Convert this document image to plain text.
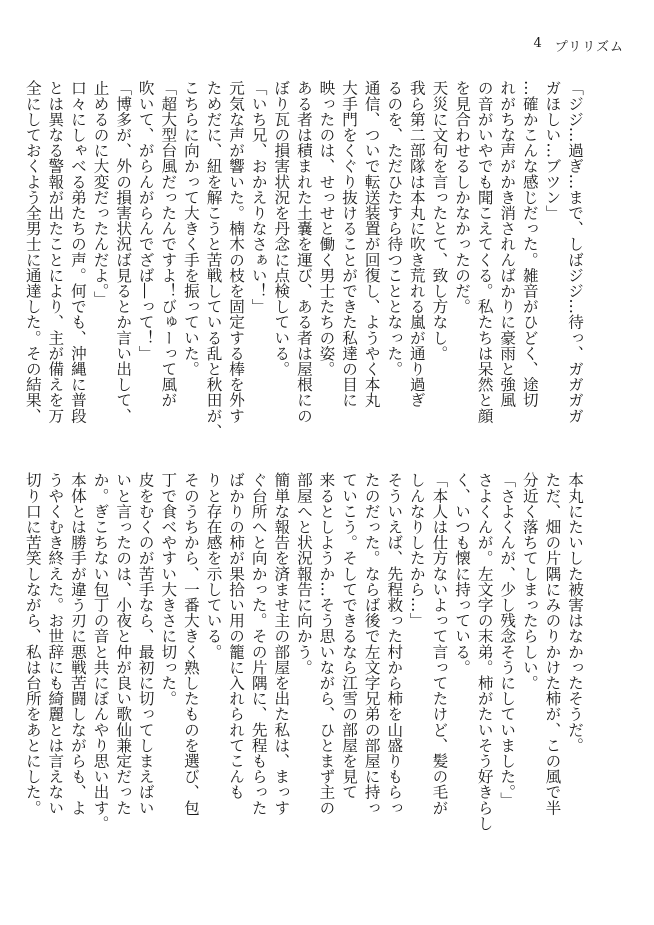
4 プリリズム
「ジジ…過ぎ…まで、しばジジ…待っ、ガガガガ
ガほしい…ブツン」
…確かこんな感じだった。雑音がひどく、途切
れがちな声がかき消されんばかりに豪雨と強風
の音がいやでも聞こえてくる。私たちは呆然と顔
を見合わせるしかなかったのだ。
天災に文句を言ったとて、致し方なし。
我ら第二部隊は本丸に吹き荒れる嵐が通り過ぎ
るのを、ただひたすら待つこととなった。
通信、ついで転送装置が回復し、ようやく本丸
大手門をくぐり抜けることができた私達の目に
映ったのは、せっせと働く男士たちの姿。
ある者は積まれた土嚢を運び、ある者は屋根にの
ぼり瓦の損害状況を丹念に点検している。
「いち兄、おかえりなさぁい！」
元気な声が響いた。楠木の枝を固定する棒を外す
ためだに、紐を解こうと苦戦している乱と秋田が、
こちらに向かって大きく手を振っていた。
「超大型台風だったんですよ！びゅーって風が
吹いて、がらんがらんでざば―って！」
「博多が、外の損害状況ば見るとか言い出して、
止めるのに大変だったんだよ。」
口々にしゃべる弟たちの声。何でも、沖縄に普段
とは異なる警報が出たことにより、主が備えを万
全にしておくよう全男士に通達した。その結果、
本丸にたいした被害はなかったそうだ。
ただ、畑の片隅にみのりかけた柿が、この風で半
分近く落ちてしまったらしい。
「さよくんが、少し残念そうにしていました。」
さよくんが。左文字の末弟。柿がたいそう好きらし
く、いつも懐に持っている。
「本人は仕方ないよって言ってたけど、髪の毛が
しんなりしたから…」
そういえば、先程救った村から柿を山盛りもらっ
たのだった。ならば後で左文字兄弟の部屋に持っ
ていこう。そしてできるなら江雪の部屋を見て
来るとしようか…そう思いながら、ひとまず主の
部屋へと状況報告に向かう。
簡単な報告を済ませ主の部屋を出た私は、まっす
ぐ台所へと向かった。その片隅に、先程もらった
ばかりの柿が果拾い用の籠に入れられてこんも
りと存在感を示している。
そのうちから、一番大きく熟したものを選び、包
丁で食べやすい大きさに切った。
皮をむくのが苦手なら、最初に切ってしまえばい
いと言ったのは、小夜と仲が良い歌仙兼定だった
か。ぎこちない包丁の音と共にぼんやり思い出す。
本体とは勝手が違う刃に悪戦苦闘しながらも、よ
うやくむき終えた。お世辞にも綺麗とは言えない
切り口に苦笑しながら、私は台所をあとにした。
